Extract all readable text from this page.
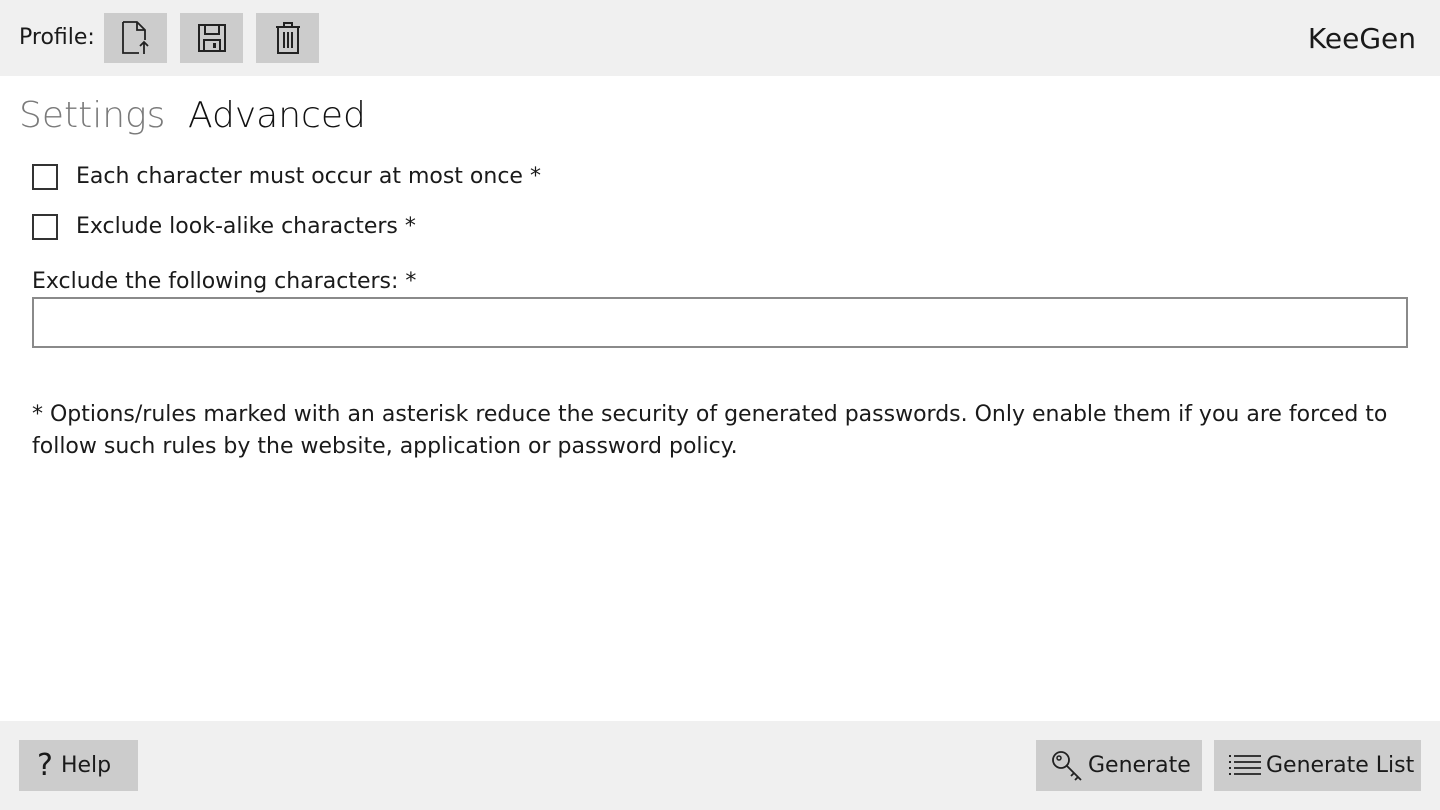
Profile:	KeeGen
Settings Advanced
Each character must occur at most once *
Exclude look-alike characters *
Exclude the following characters: *
* Options/rules marked with an asterisk reduce the security of generated passwords. Only enable them if you are forced to follow such rules by the website, application or password policy.
? Help	Generate	Generate List
